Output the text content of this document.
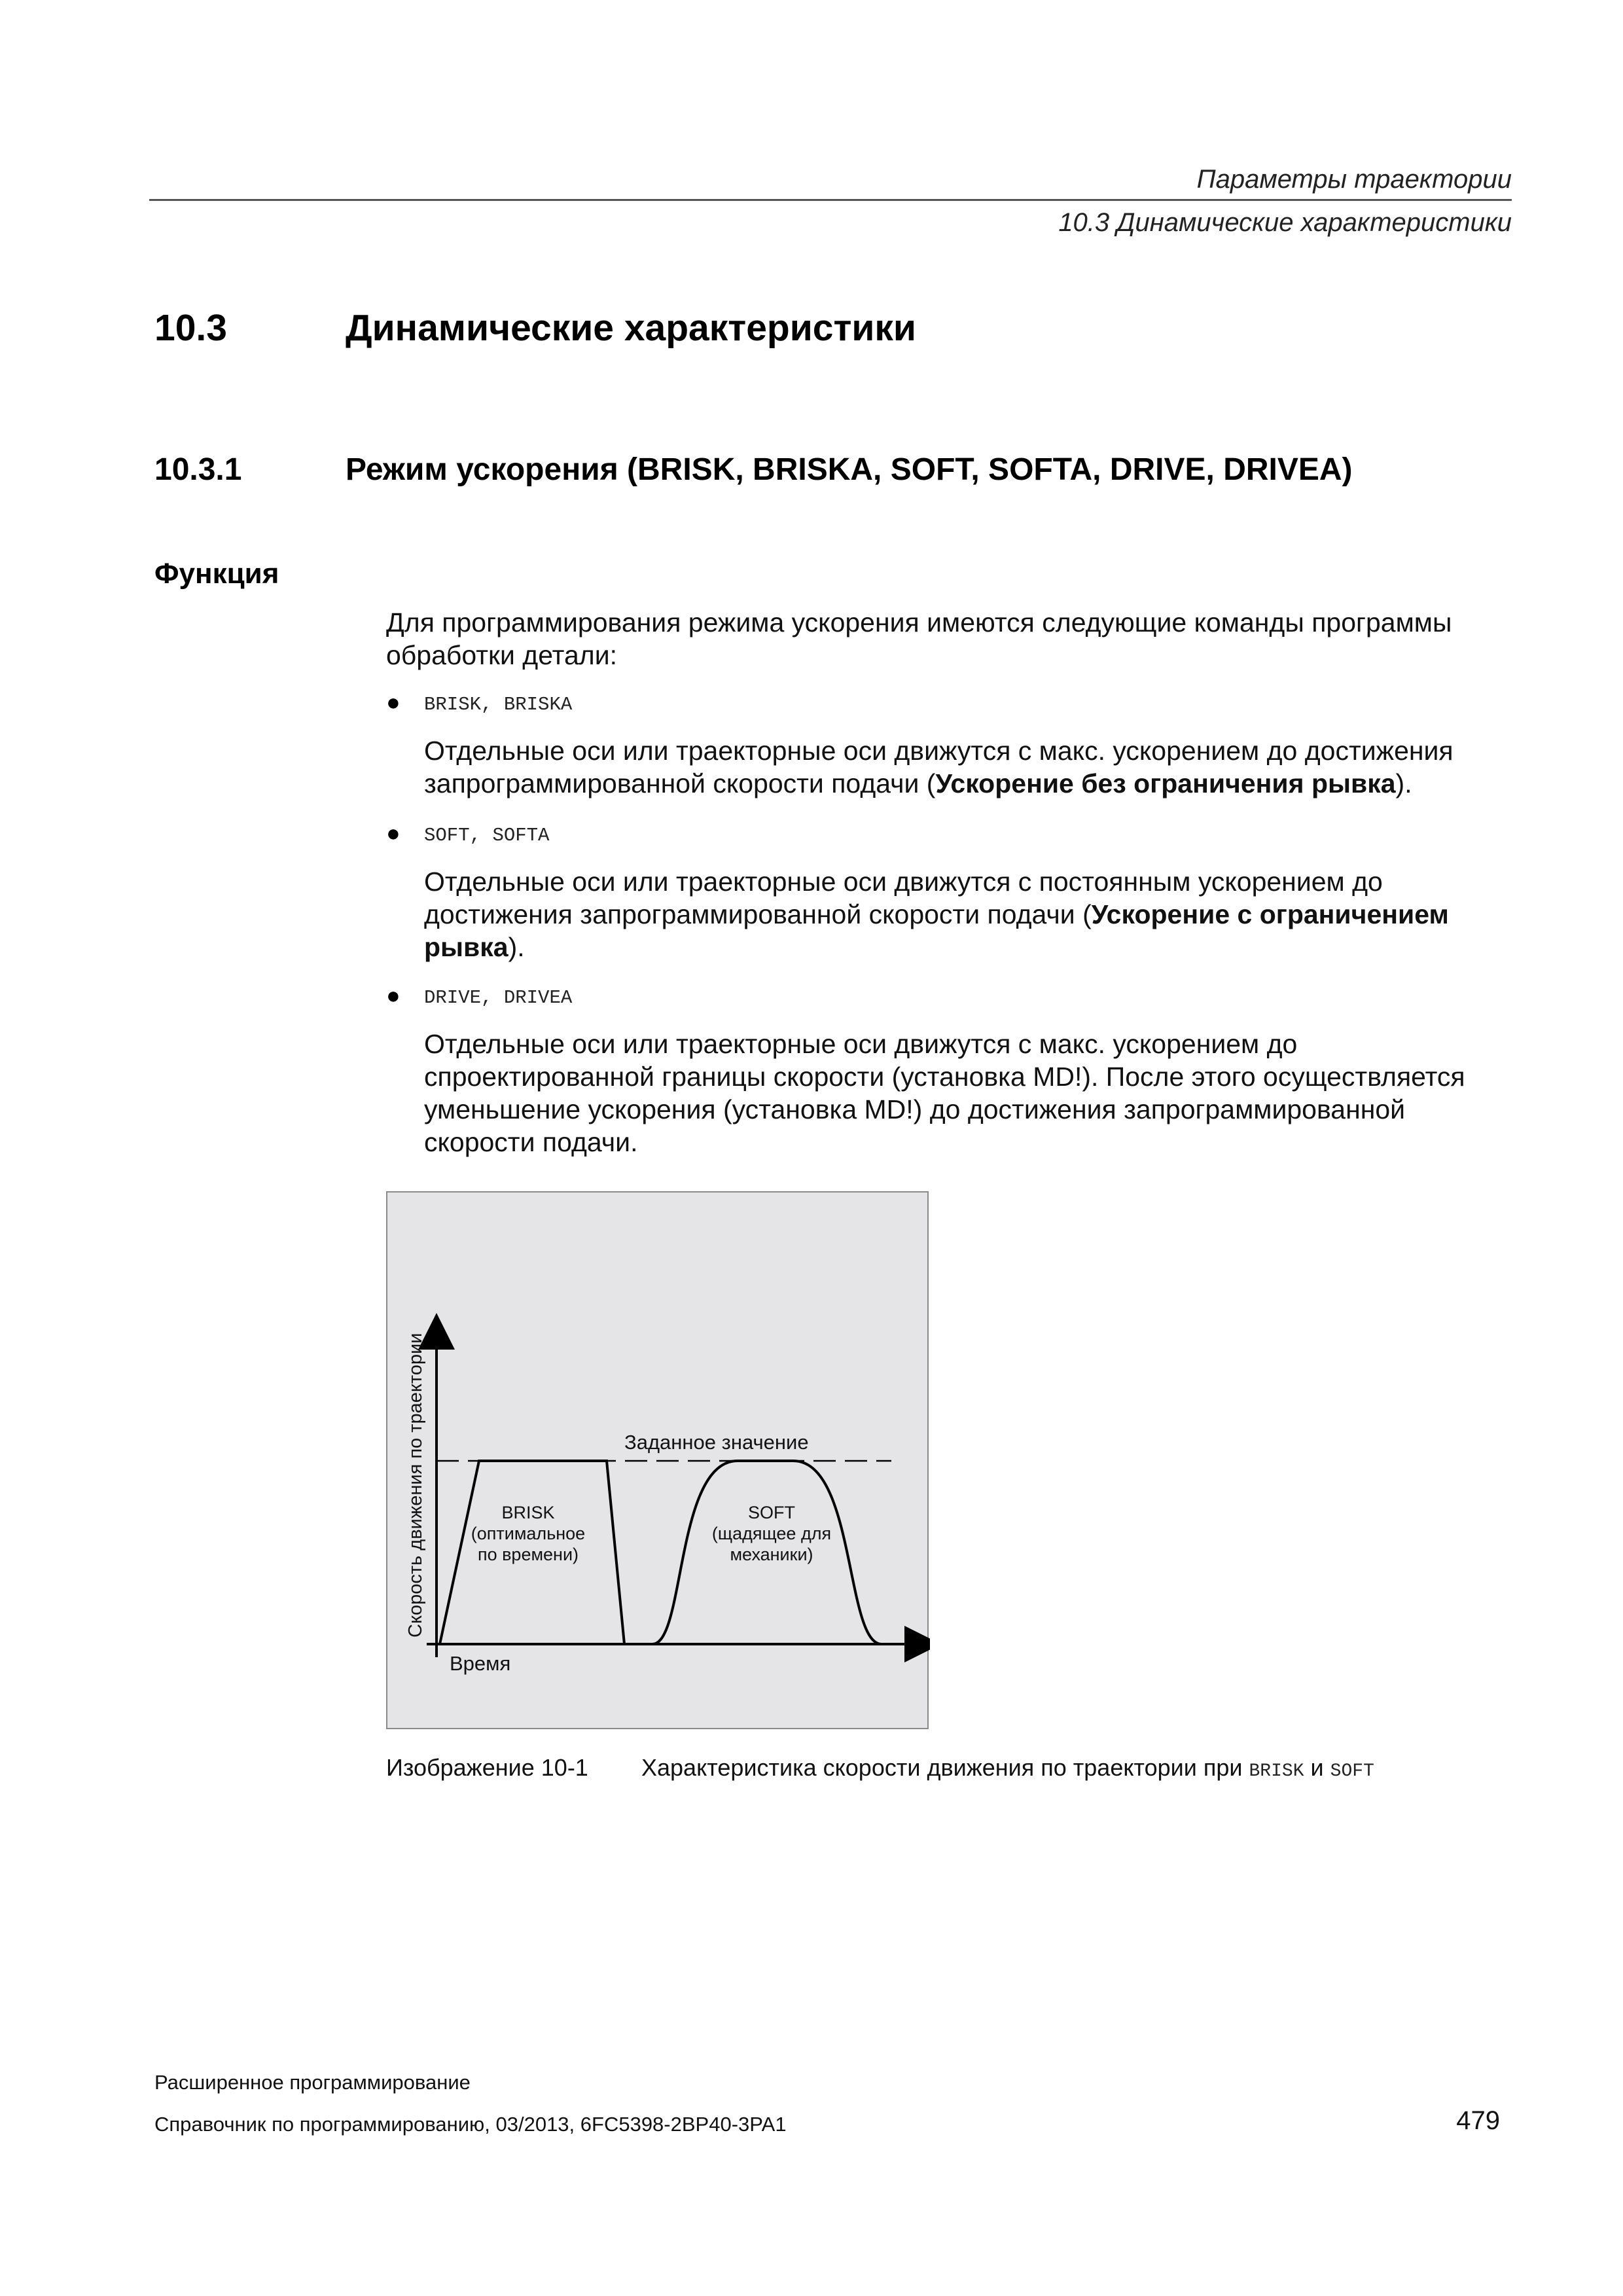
Параметры траектории
10.3 Динамические характеристики
10.3	Динамические характеристики
10.3.1	Режим ускорения (BRISK, BRISKA, SOFT, SOFTA, DRIVE, DRIVEA)
Функция
Для программирования режима ускорения имеются следующие команды программы
обработки детали:
● BRISK, BRISKA
Отдельные оси или траекторные оси движутся с макс. ускорением до достижения
запрограммированной скорости подачи (Ускорение без ограничения рывка).
● SOFT, SOFTA
Отдельные оси или траекторные оси движутся с постоянным ускорением до
достижения запрограммированной скорости подачи (Ускорение с ограничением
рывка).
● DRIVE, DRIVEA
Отдельные оси или траекторные оси движутся с макс. ускорением до
спроектированной границы скорости (установка MD!). После этого осуществляется
уменьшение ускорения (установка MD!) до достижения запрограммированной
скорости подачи.
Заданное значение
BRISK
(оптимальное
по времени)
SOFT
(щадящее для
механики)
Время
Скорость движения по траектории
Изображение 10-1 Характеристика скорости движения по траектории при BRISK и SOFT
Расширенное программирование
Справочник по программированию, 03/2013, 6FC5398-2BP40-3PA1	479
